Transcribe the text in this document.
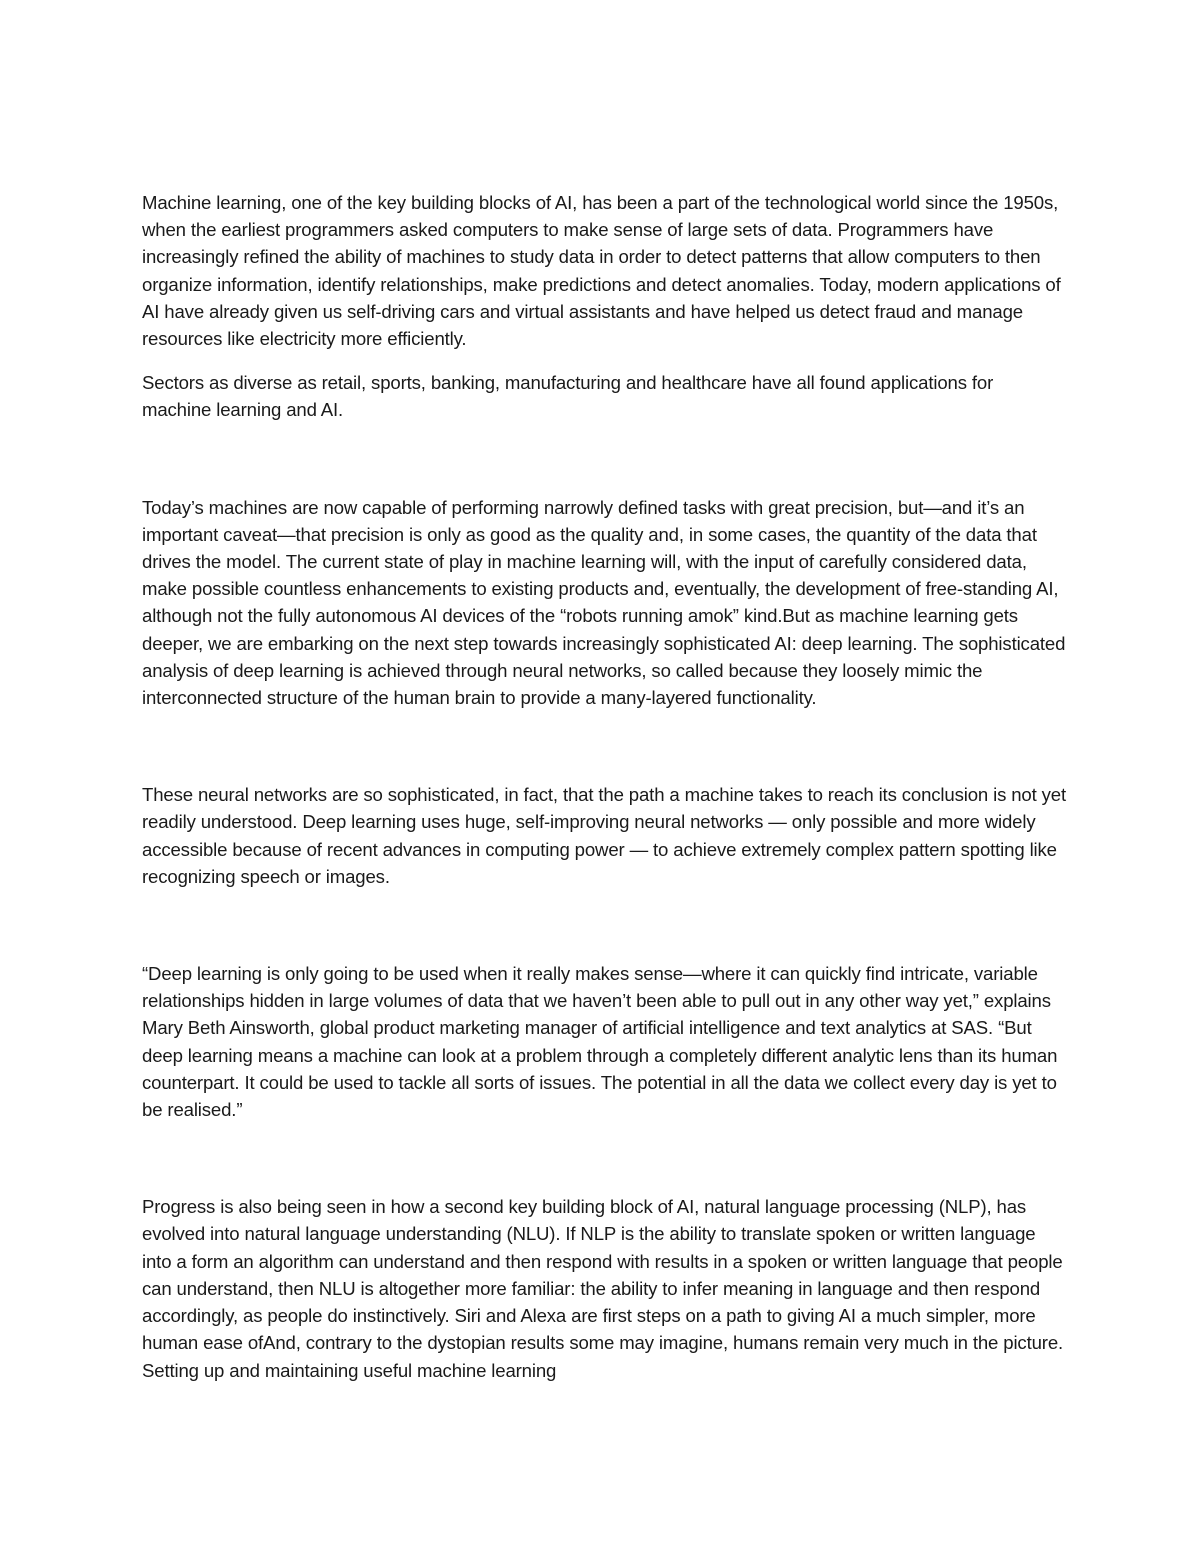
Machine learning, one of the key building blocks of AI, has been a part of the technological world since the 1950s, when the earliest programmers asked computers to make sense of large sets of data. Programmers have increasingly refined the ability of machines to study data in order to detect patterns that allow computers to then organize information, identify relationships, make predictions and detect anomalies. Today, modern applications of AI have already given us self-driving cars and virtual assistants and have helped us detect fraud and manage resources like electricity more efficiently.

Sectors as diverse as retail, sports, banking, manufacturing and healthcare have all found applications for machine learning and AI.

Today’s machines are now capable of performing narrowly defined tasks with great precision, but—and it’s an important caveat—that precision is only as good as the quality and, in some cases, the quantity of the data that drives the model. The current state of play in machine learning will, with the input of carefully considered data, make possible countless enhancements to existing products and, eventually, the development of free-standing AI, although not the fully autonomous AI devices of the “robots running amok” kind.But as machine learning gets deeper, we are embarking on the next step towards increasingly sophisticated AI: deep learning. The sophisticated analysis of deep learning is achieved through neural networks, so called because they loosely mimic the interconnected structure of the human brain to provide a many-layered functionality.

These neural networks are so sophisticated, in fact, that the path a machine takes to reach its conclusion is not yet readily understood. Deep learning uses huge, self-improving neural networks — only possible and more widely accessible because of recent advances in computing power — to achieve extremely complex pattern spotting like recognizing speech or images.

“Deep learning is only going to be used when it really makes sense—where it can quickly find intricate, variable relationships hidden in large volumes of data that we haven’t been able to pull out in any other way yet,” explains Mary Beth Ainsworth, global product marketing manager of artificial intelligence and text analytics at SAS. “But deep learning means a machine can look at a problem through a completely different analytic lens than its human counterpart. It could be used to tackle all sorts of issues. The potential in all the data we collect every day is yet to be realised.”

Progress is also being seen in how a second key building block of AI, natural language processing (NLP), has evolved into natural language understanding (NLU). If NLP is the ability to translate spoken or written language into a form an algorithm can understand and then respond with results in a spoken or written language that people can understand, then NLU is altogether more familiar: the ability to infer meaning in language and then respond accordingly, as people do instinctively. Siri and Alexa are first steps on a path to giving AI a much simpler, more human ease ofAnd, contrary to the dystopian results some may imagine, humans remain very much in the picture. Setting up and maintaining useful machine learning
